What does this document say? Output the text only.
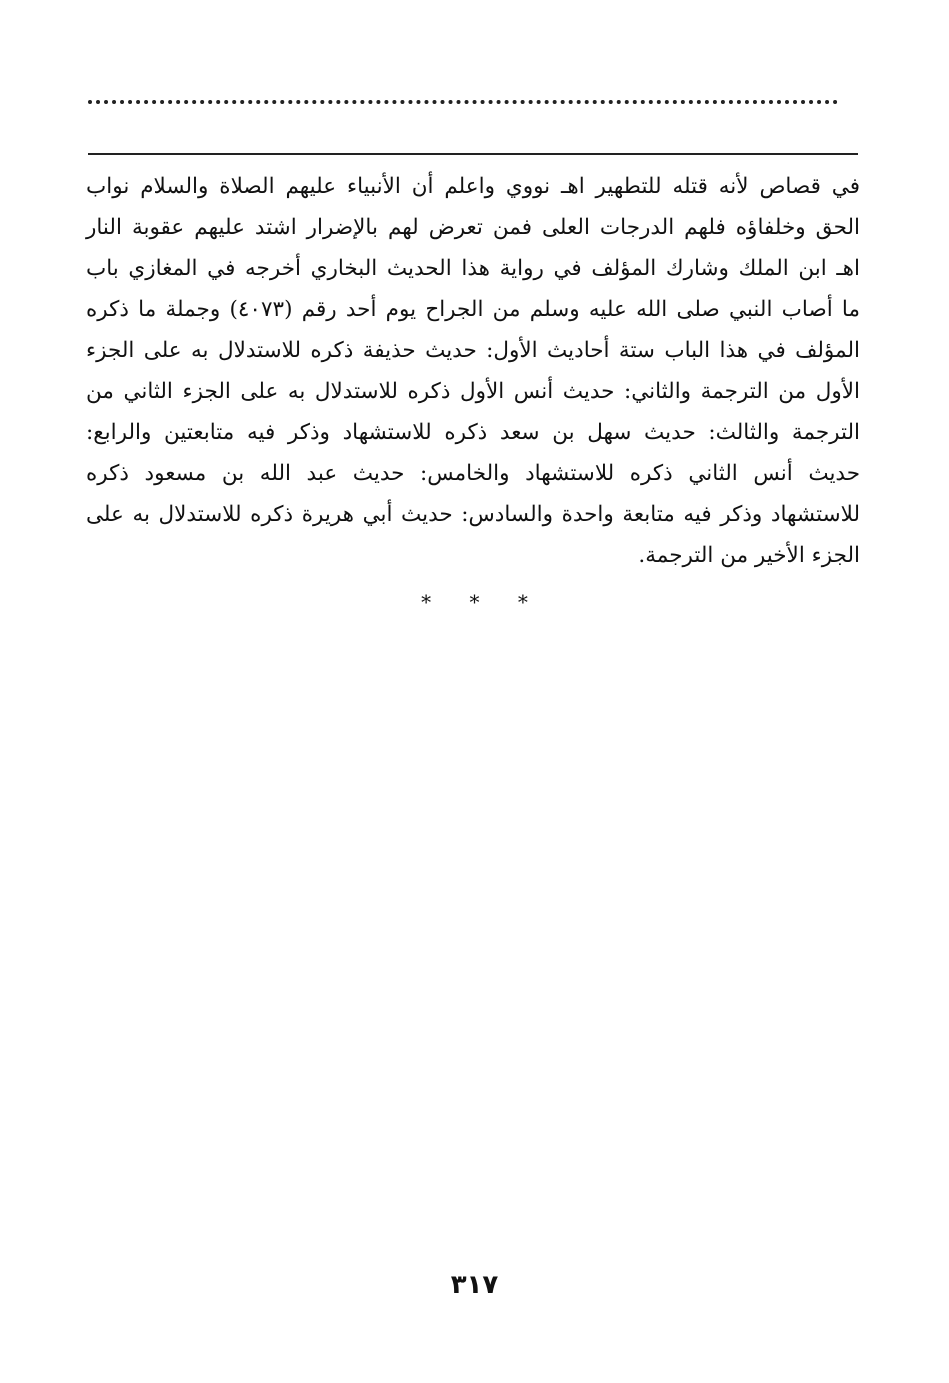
في قصاص لأنه قتله للتطهير اهـ نووي واعلم أن الأنبياء عليهم الصلاة والسلام نواب
الحق وخلفاؤه فلهم الدرجات العلى فمن تعرض لهم بالإضرار اشتد عليهم عقوبة النار
اهـ ابن الملك وشارك المؤلف في رواية هذا الحديث البخاري أخرجه في المغازي باب
ما أصاب النبي صلى الله عليه وسلم من الجراح يوم أحد رقم (٤٠٧٣) وجملة ما ذكره
المؤلف في هذا الباب ستة أحاديث الأول: حديث حذيفة ذكره للاستدلال به على الجزء
الأول من الترجمة والثاني: حديث أنس الأول ذكره للاستدلال به على الجزء الثاني من
الترجمة والثالث: حديث سهل بن سعد ذكره للاستشهاد وذكر فيه متابعتين والرابع:
حديث أنس الثاني ذكره للاستشهاد والخامس: حديث عبد الله بن مسعود ذكره
للاستشهاد وذكر فيه متابعة واحدة والسادس: حديث أبي هريرة ذكره للاستدلال به على
الجزء الأخير من الترجمة.
* * *
٣١٧
